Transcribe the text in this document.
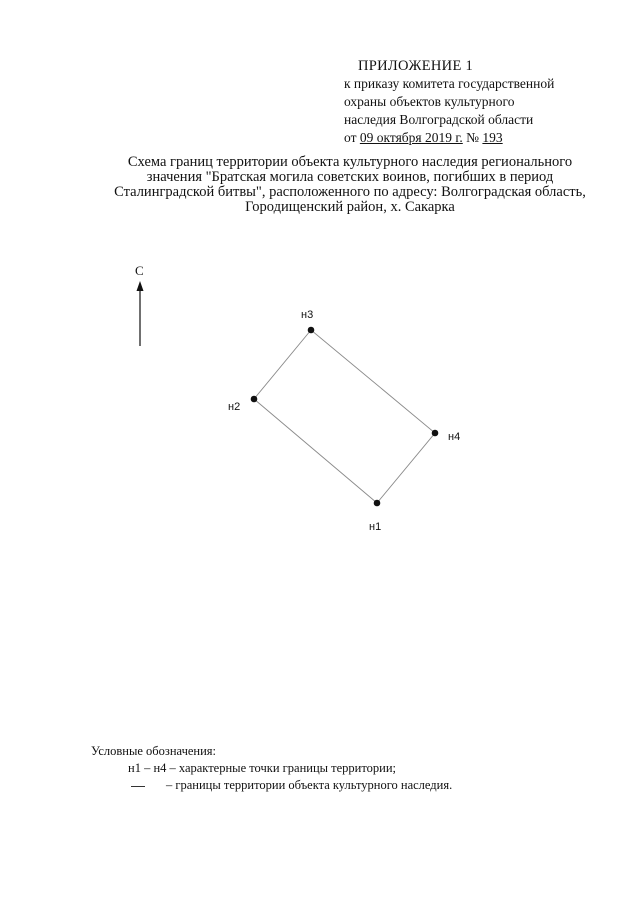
ПРИЛОЖЕНИЕ 1
к приказу комитета государственной
охраны объектов культурного
наследия Волгоградской области
от 09 октября 2019 г. № 193
Схема границ территории объекта культурного наследия регионального
значения "Братская могила советских воинов, погибших в период
Сталинградской битвы", расположенного по адресу: Волгоградская область,
Городищенский район, х. Сакарка
С
н1
н2
н3
н4
Условные обозначения:
н1 – н4 – характерные точки границы территории;
– границы территории объекта культурного наследия.
